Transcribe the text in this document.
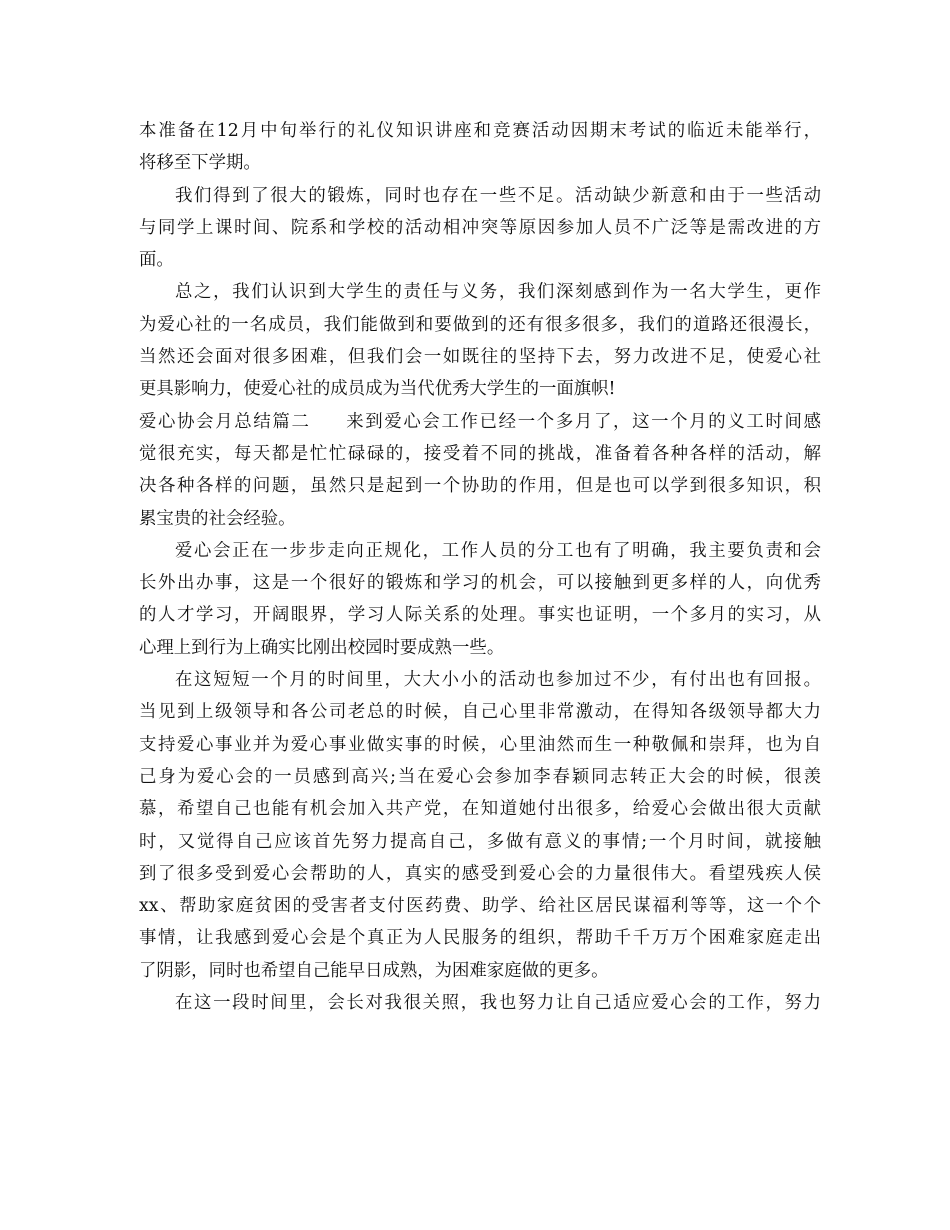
本准备在12月中旬举行的礼仪知识讲座和竞赛活动因期末考试的临近未能举行，
将移至下学期。
我们得到了很大的锻炼，同时也存在一些不足。活动缺少新意和由于一些活动
与同学上课时间、院系和学校的活动相冲突等原因参加人员不广泛等是需改进的方
面。
总之，我们认识到大学生的责任与义务，我们深刻感到作为一名大学生，更作
为爱心社的一名成员，我们能做到和要做到的还有很多很多，我们的道路还很漫长，
当然还会面对很多困难，但我们会一如既往的坚持下去，努力改进不足，使爱心社
更具影响力，使爱心社的成员成为当代优秀大学生的一面旗帜!
爱心协会月总结篇二 来到爱心会工作已经一个多月了，这一个月的义工时间感
觉很充实，每天都是忙忙碌碌的，接受着不同的挑战，准备着各种各样的活动，解
决各种各样的问题，虽然只是起到一个协助的作用，但是也可以学到很多知识，积
累宝贵的社会经验。
爱心会正在一步步走向正规化，工作人员的分工也有了明确，我主要负责和会
长外出办事，这是一个很好的锻炼和学习的机会，可以接触到更多样的人，向优秀
的人才学习，开阔眼界，学习人际关系的处理。事实也证明，一个多月的实习，从
心理上到行为上确实比刚出校园时要成熟一些。
在这短短一个月的时间里，大大小小的活动也参加过不少，有付出也有回报。
当见到上级领导和各公司老总的时候，自己心里非常激动，在得知各级领导都大力
支持爱心事业并为爱心事业做实事的时候，心里油然而生一种敬佩和崇拜，也为自
己身为爱心会的一员感到高兴;当在爱心会参加李春颖同志转正大会的时候，很羡
慕，希望自己也能有机会加入共产党，在知道她付出很多，给爱心会做出很大贡献
时，又觉得自己应该首先努力提高自己，多做有意义的事情;一个月时间，就接触
到了很多受到爱心会帮助的人，真实的感受到爱心会的力量很伟大。看望残疾人侯
xx、帮助家庭贫困的受害者支付医药费、助学、给社区居民谋福利等等，这一个个
事情，让我感到爱心会是个真正为人民服务的组织，帮助千千万万个困难家庭走出
了阴影，同时也希望自己能早日成熟，为困难家庭做的更多。
在这一段时间里，会长对我很关照，我也努力让自己适应爱心会的工作，努力
